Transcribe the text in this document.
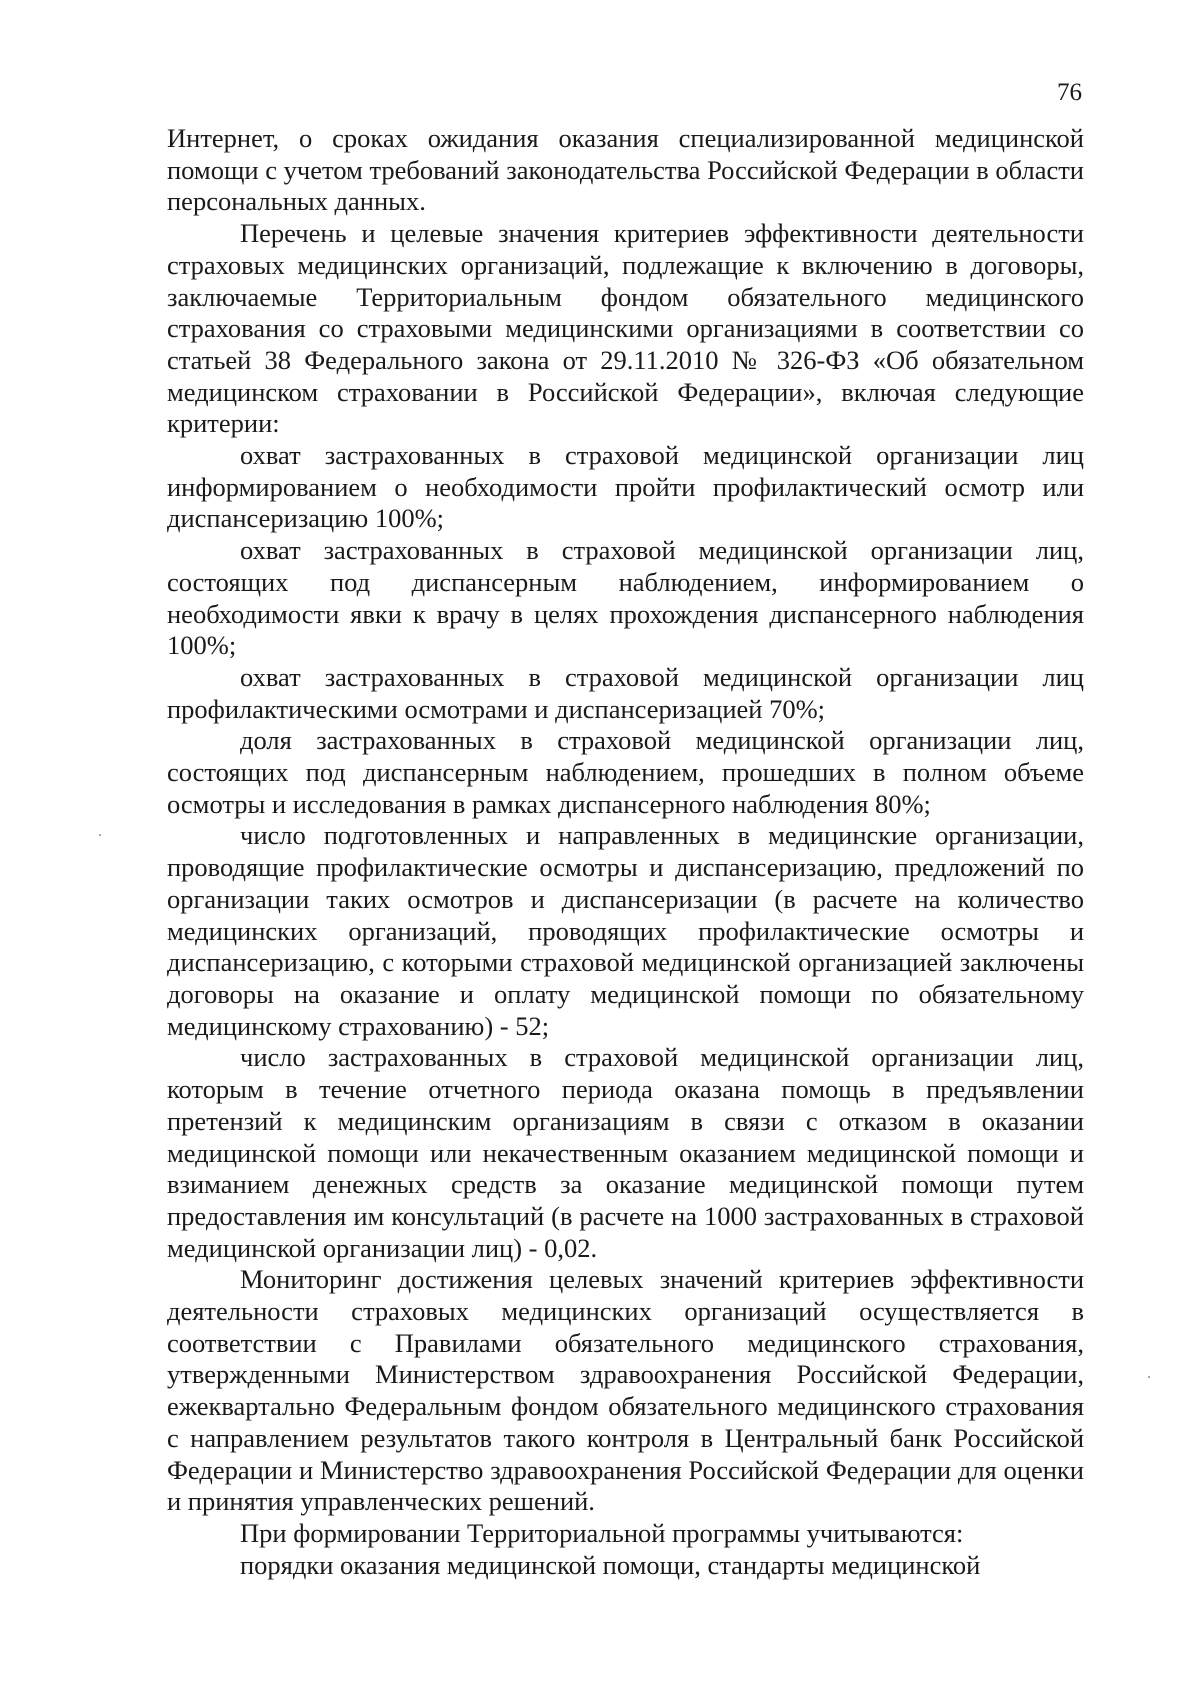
76

Интернет, о сроках ожидания оказания специализированной медицинской помощи с учетом требований законодательства Российской Федерации в области персональных данных.

Перечень и целевые значения критериев эффективности деятельности страховых медицинских организаций, подлежащие к включению в договоры, заключаемые Территориальным фондом обязательного медицинского страхования со страховыми медицинскими организациями в соответствии со статьей 38 Федерального закона от 29.11.2010 № 326-ФЗ «Об обязательном медицинском страховании в Российской Федерации», включая следующие критерии:

охват застрахованных в страховой медицинской организации лиц информированием о необходимости пройти профилактический осмотр или диспансеризацию 100%;

охват застрахованных в страховой медицинской организации лиц, состоящих под диспансерным наблюдением, информированием о необходимости явки к врачу в целях прохождения диспансерного наблюдения 100%;

охват застрахованных в страховой медицинской организации лиц профилактическими осмотрами и диспансеризацией 70%;

доля застрахованных в страховой медицинской организации лиц, состоящих под диспансерным наблюдением, прошедших в полном объеме осмотры и исследования в рамках диспансерного наблюдения 80%;

число подготовленных и направленных в медицинские организации, проводящие профилактические осмотры и диспансеризацию, предложений по организации таких осмотров и диспансеризации (в расчете на количество медицинских организаций, проводящих профилактические осмотры и диспансеризацию, с которыми страховой медицинской организацией заключены договоры на оказание и оплату медицинской помощи по обязательному медицинскому страхованию) - 52;

число застрахованных в страховой медицинской организации лиц, которым в течение отчетного периода оказана помощь в предъявлении претензий к медицинским организациям в связи с отказом в оказании медицинской помощи или некачественным оказанием медицинской помощи и взиманием денежных средств за оказание медицинской помощи путем предоставления им консультаций (в расчете на 1000 застрахованных в страховой медицинской организации лиц) - 0,02.

Мониторинг достижения целевых значений критериев эффективности деятельности страховых медицинских организаций осуществляется в соответствии с Правилами обязательного медицинского страхования, утвержденными Министерством здравоохранения Российской Федерации, ежеквартально Федеральным фондом обязательного медицинского страхования с направлением результатов такого контроля в Центральный банк Российской Федерации и Министерство здравоохранения Российской Федерации для оценки и принятия управленческих решений.

При формировании Территориальной программы учитываются:

порядки оказания медицинской помощи, стандарты медицинской
